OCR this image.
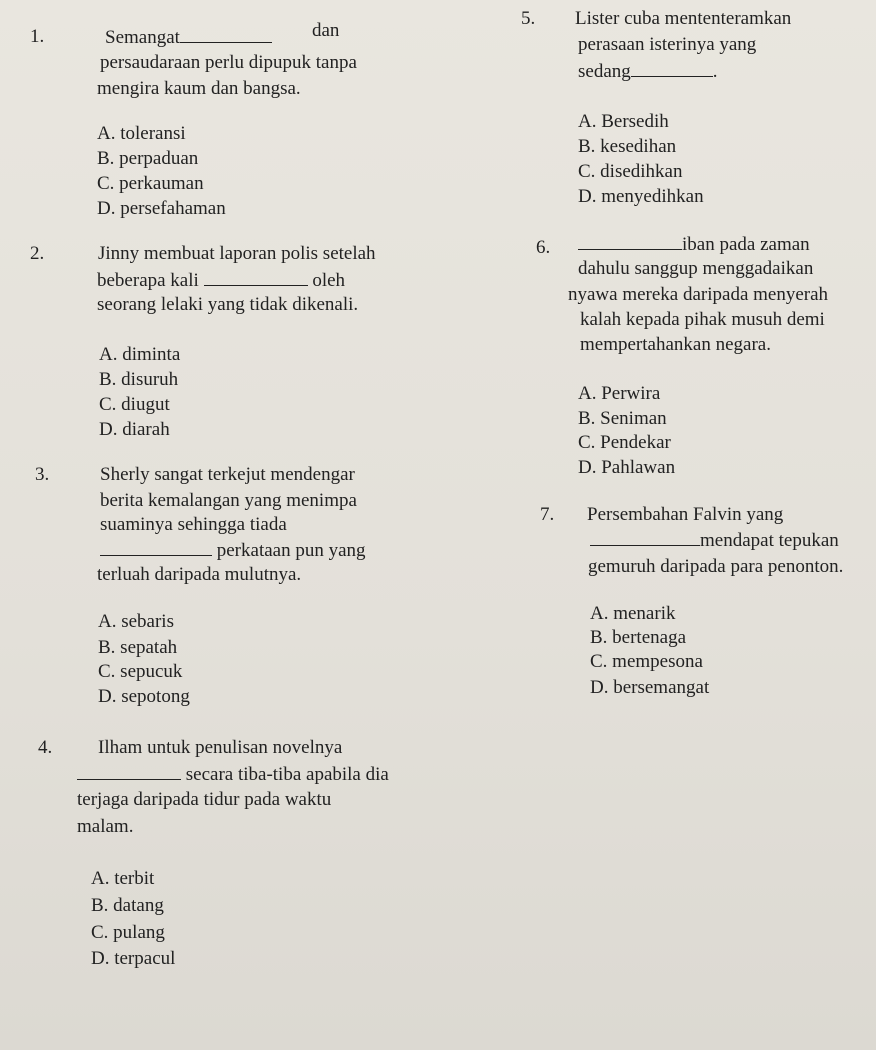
1.	Semangat	dan
persaudaraan perlu dipupuk tanpa
mengira kaum dan bangsa.
A. toleransi
B. perpaduan
C. perkauman
D. persefahaman
2.	Jinny membuat laporan polis setelah
beberapa kali	oleh
seorang lelaki yang tidak dikenali.
A. diminta
B. disuruh
C. diugut
D. diarah
3.	Sherly sangat terkejut mendengar
berita kemalangan yang menimpa
suaminya sehingga tiada
perkataan pun yang
terluah daripada mulutnya.
A. sebaris
B. sepatah
C. sepucuk
D. sepotong
4. Ilham untuk penulisan novelnya
secara tiba-tiba apabila dia
terjaga daripada tidur pada waktu
malam.
A. terbit
B. datang
C. pulang
D. terpacul
5. Lister cuba mententeramkan
perasaan isterinya yang
sedang	.
A. Bersedih
B. kesedihan
C. disedihkan
D. menyedihkan
6.	iban pada zaman
dahulu sanggup menggadaikan
nyawa mereka daripada menyerah
kalah kepada pihak musuh demi
mempertahankan negara.
A. Perwira
B. Seniman
C. Pendekar
D. Pahlawan
7. Persembahan Falvin yang
mendapat tepukan
gemuruh daripada para penonton.
A. menarik
B. bertenaga
C. mempesona
D. bersemangat
